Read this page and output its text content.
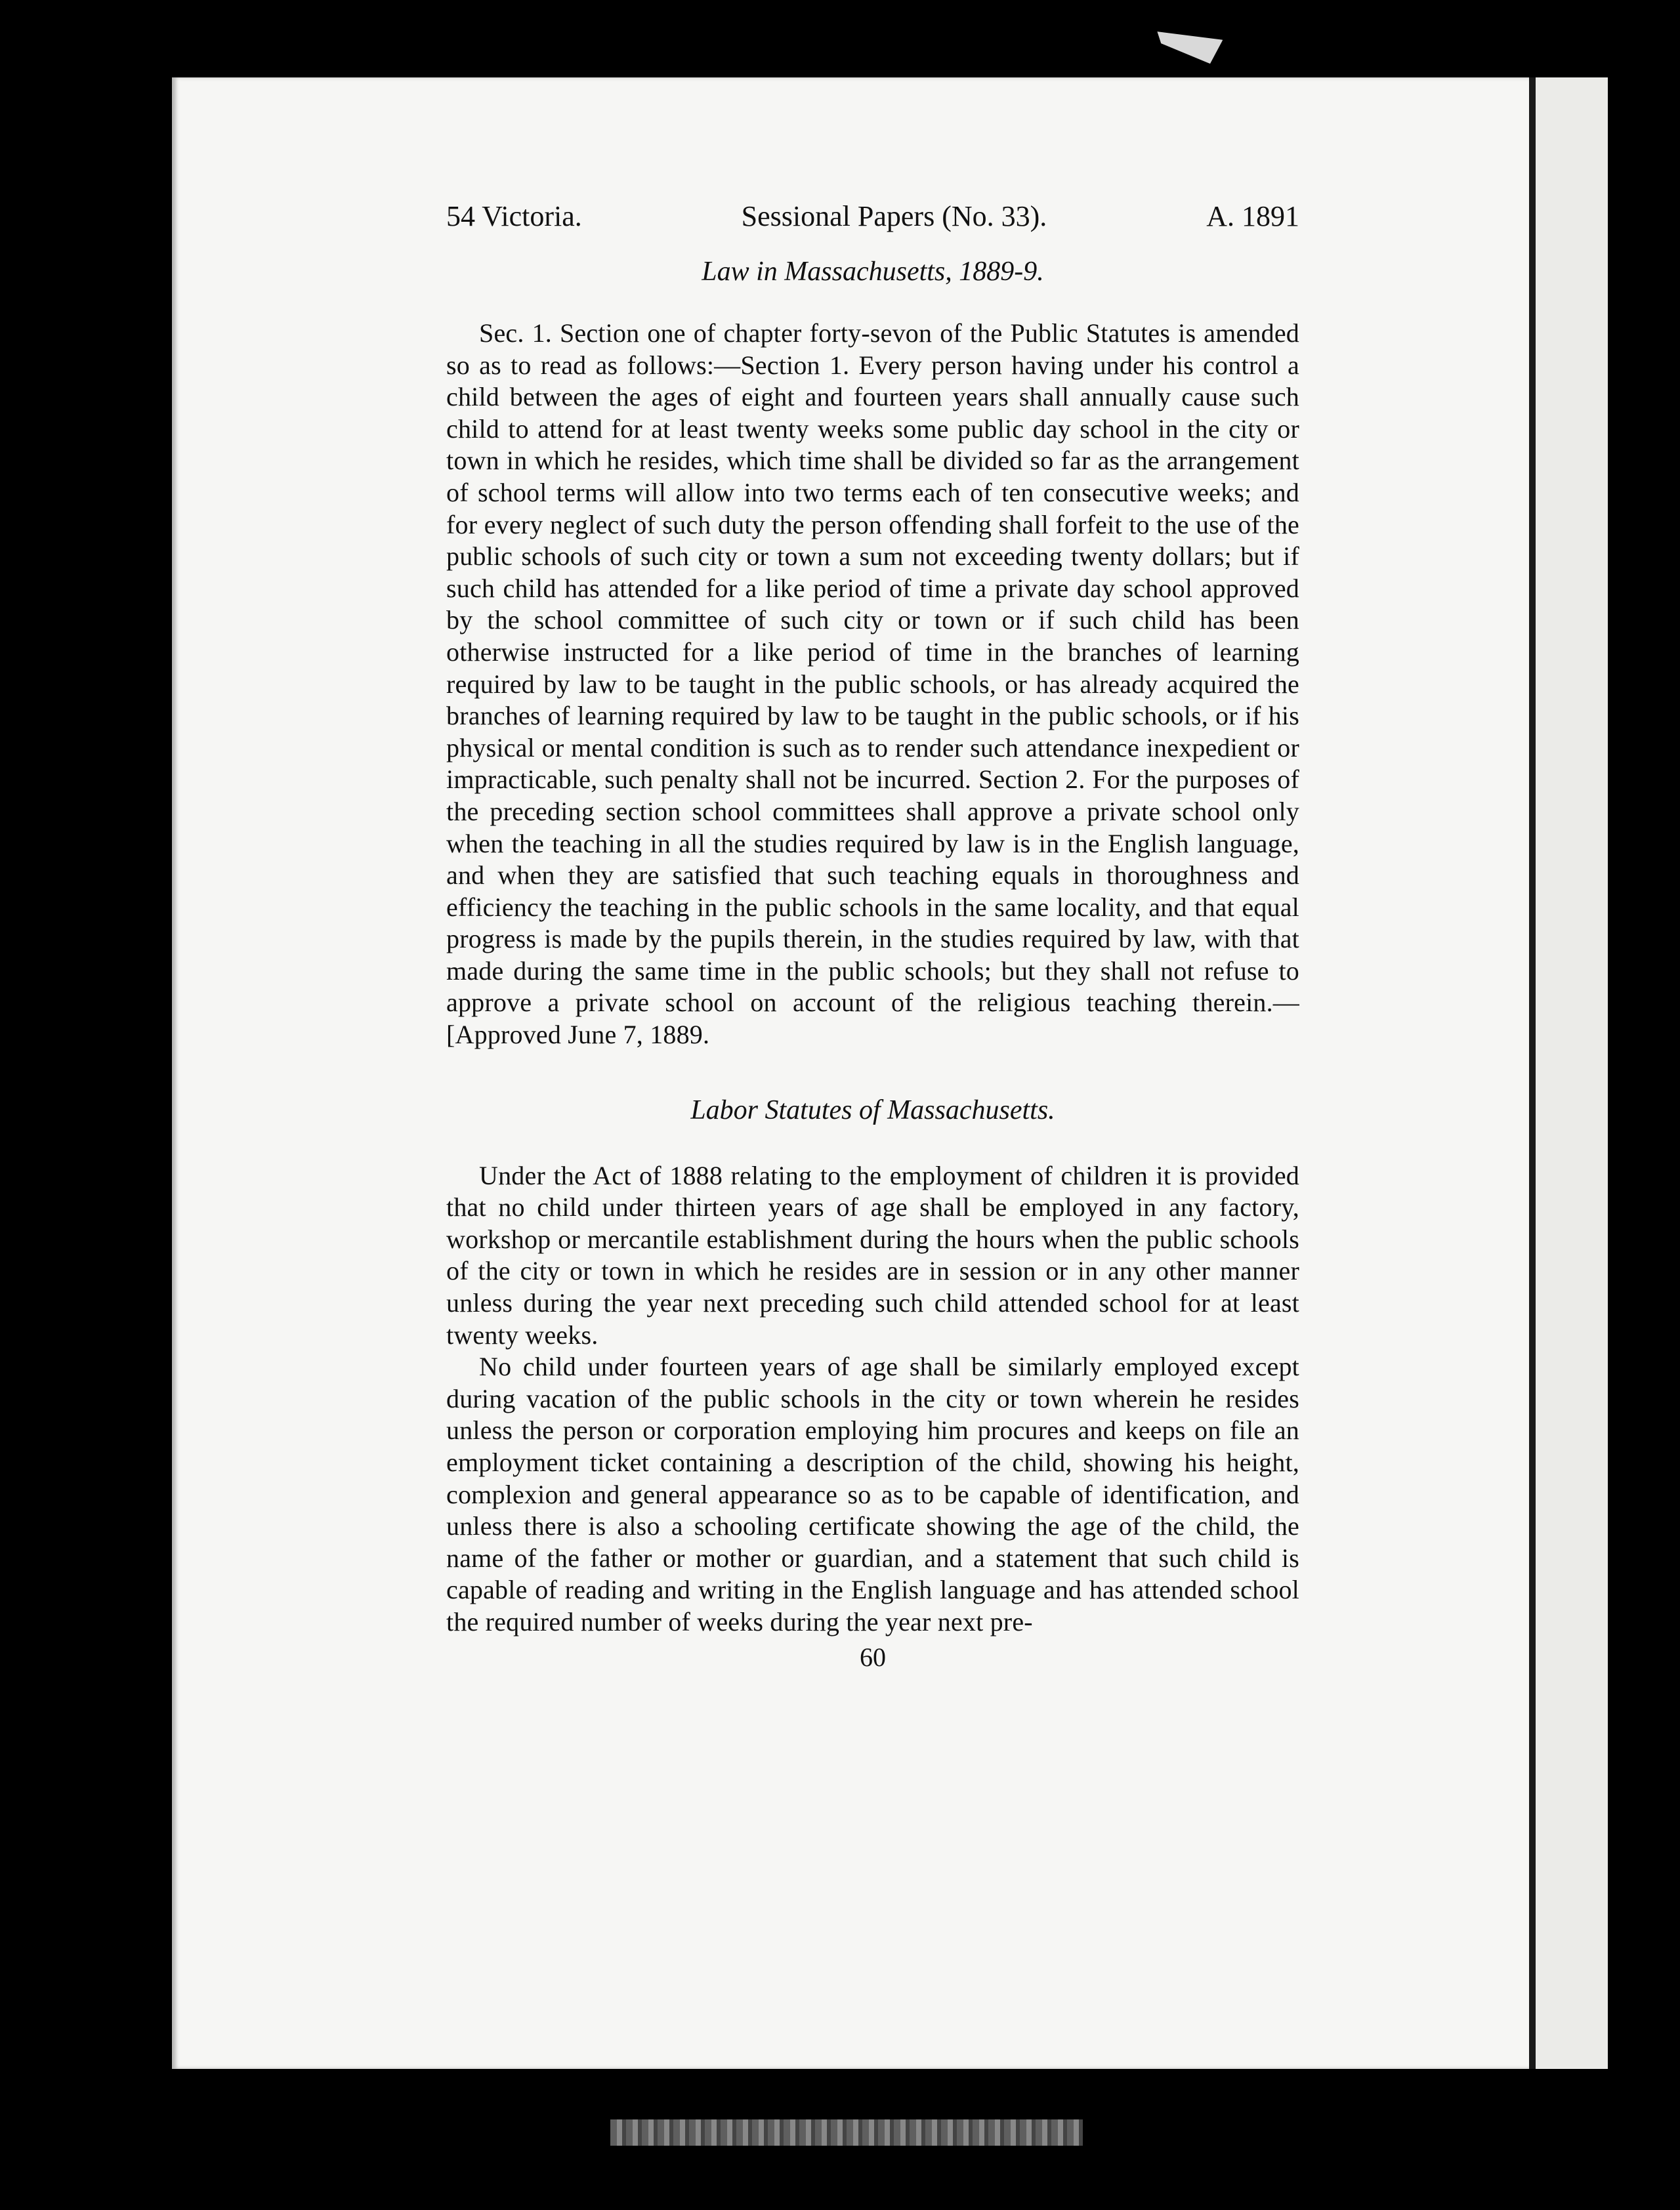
54 Victoria.	Sessional Papers (No. 33).	A. 1891
Law in Massachusetts, 1889-9.

Sec. 1. Section one of chapter forty-sevon of the Public Statutes is amended so as to read as follows:—Section 1. Every person having under his control a child between the ages of eight and fourteen years shall annually cause such child to attend for at least twenty weeks some public day school in the city or town in which he resides, which time shall be divided so far as the arrangement of school terms will allow into two terms each of ten consecutive weeks; and for every neglect of such duty the person offending shall forfeit to the use of the public schools of such city or town a sum not exceeding twenty dollars; but if such child has attended for a like period of time a private day school approved by the school committee of such city or town or if such child has been otherwise instructed for a like period of time in the branches of learning required by law to be taught in the public schools, or has already acquired the branches of learning required by law to be taught in the public schools, or if his physical or mental condition is such as to render such attendance inexpedient or impracticable, such penalty shall not be incurred. Section 2. For the purposes of the preceding section school committees shall approve a private school only when the teaching in all the studies required by law is in the English language, and when they are satisfied that such teaching equals in thoroughness and efficiency the teaching in the public schools in the same locality, and that equal progress is made by the pupils therein, in the studies required by law, with that made during the same time in the public schools; but they shall not refuse to approve a private school on account of the religious teaching therein.—[Approved June 7, 1889.

Labor Statutes of Massachusetts.

Under the Act of 1888 relating to the employment of children it is provided that no child under thirteen years of age shall be employed in any factory, workshop or mercantile establishment during the hours when the public schools of the city or town in which he resides are in session or in any other manner unless during the year next preceding such child attended school for at least twenty weeks.

No child under fourteen years of age shall be similarly employed except during vacation of the public schools in the city or town wherein he resides unless the person or corporation employing him procures and keeps on file an employment ticket containing a description of the child, showing his height, complexion and general appearance so as to be capable of identification, and unless there is also a schooling certificate showing the age of the child, the name of the father or mother or guardian, and a statement that such child is capable of reading and writing in the English language and has attended school the required number of weeks during the year next pre-

60
